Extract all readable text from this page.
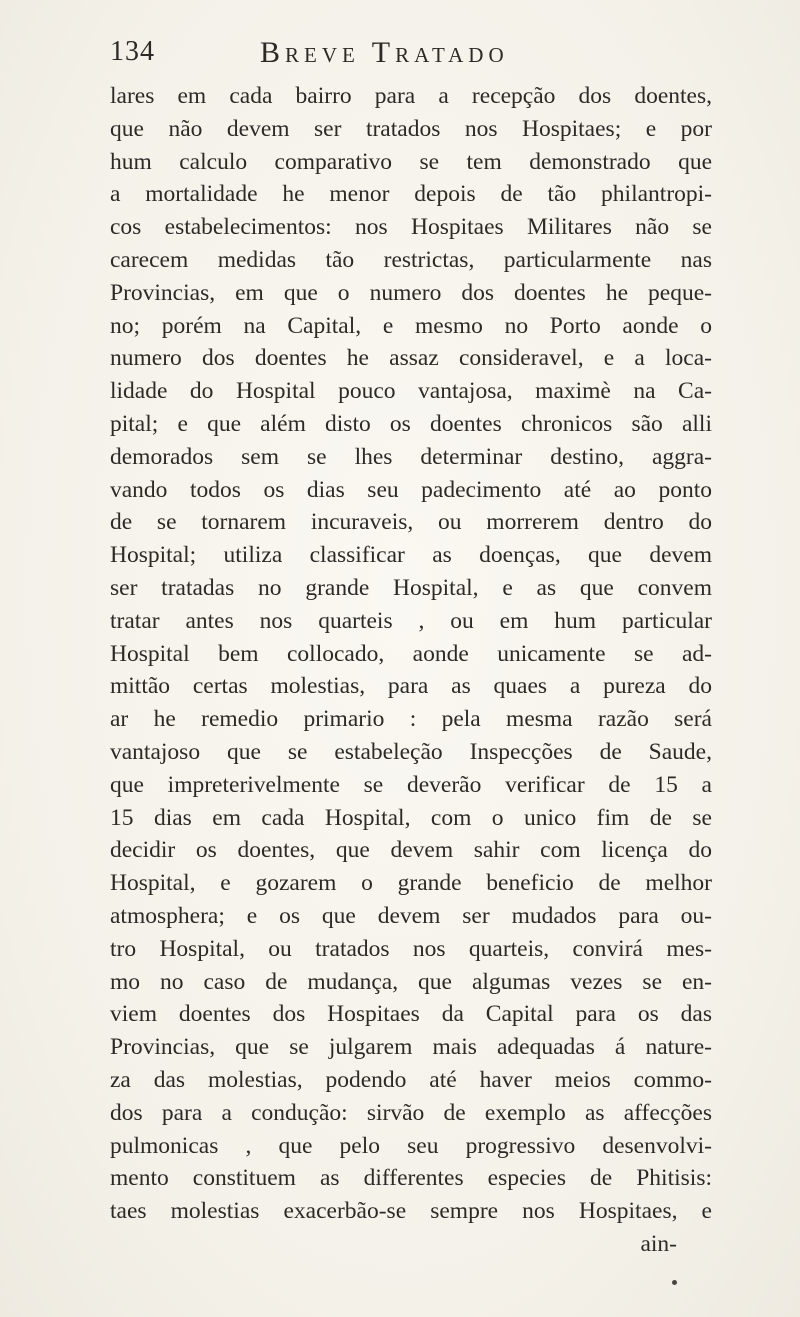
134	Breve Tratado
lares em cada bairro para a recepção dos doentes,
que não devem ser tratados nos Hospitaes; e por
hum calculo comparativo se tem demonstrado que
a mortalidade he menor depois de tão philantropi-
cos estabelecimentos: nos Hospitaes Militares não se
carecem medidas tão restrictas, particularmente nas
Provincias, em que o numero dos doentes he peque-
no; porém na Capital, e mesmo no Porto aonde o
numero dos doentes he assaz consideravel, e a loca-
lidade do Hospital pouco vantajosa, maximè na Ca-
pital; e que além disto os doentes chronicos são alli
demorados sem se lhes determinar destino, aggra-
vando todos os dias seu padecimento até ao ponto
de se tornarem incuraveis, ou morrerem dentro do
Hospital; utiliza classificar as doenças, que devem
ser tratadas no grande Hospital, e as que convem
tratar antes nos quarteis , ou em hum particular
Hospital bem collocado, aonde unicamente se ad-
mittão certas molestias, para as quaes a pureza do
ar he remedio primario : pela mesma razão será
vantajoso que se estabeleção Inspecções de Saude,
que impreterivelmente se deverão verificar de 15 a
15 dias em cada Hospital, com o unico fim de se
decidir os doentes, que devem sahir com licença do
Hospital, e gozarem o grande beneficio de melhor
atmosphera; e os que devem ser mudados para ou-
tro Hospital, ou tratados nos quarteis, convirá mes-
mo no caso de mudança, que algumas vezes se en-
viem doentes dos Hospitaes da Capital para os das
Provincias, que se julgarem mais adequadas á nature-
za das molestias, podendo até haver meios commo-
dos para a condução: sirvão de exemplo as affecções
pulmonicas , que pelo seu progressivo desenvolvi-
mento constituem as differentes especies de Phitisis:
taes molestias exacerbão-se sempre nos Hospitaes, e
ain-
